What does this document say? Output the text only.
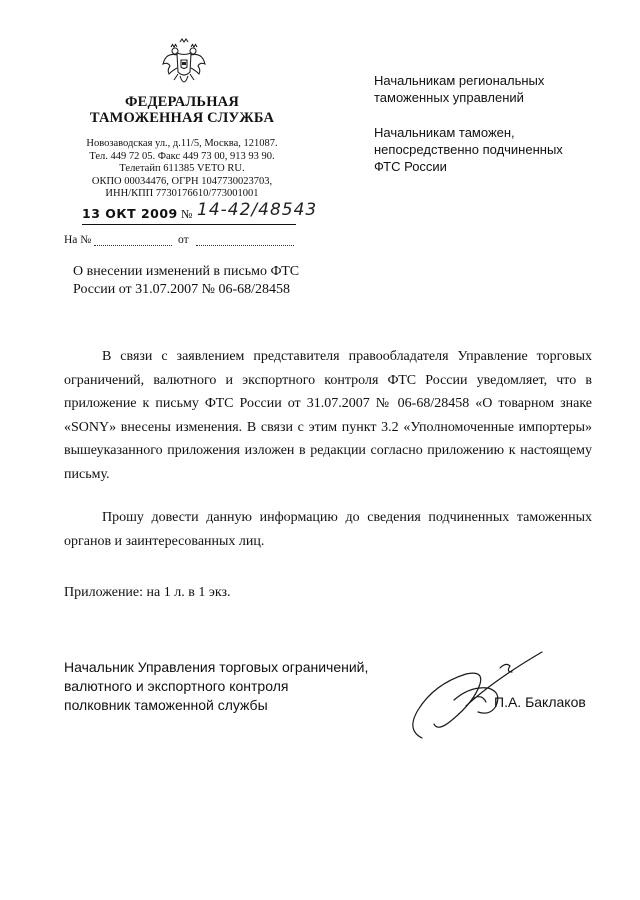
ФЕДЕРАЛЬНАЯ
ТАМОЖЕННАЯ СЛУЖБА
Новозаводская ул., д.11/5, Москва, 121087.
Тел. 449 72 05. Факс 449 73 00, 913 93 90.
Телетайп 611385 VETO RU.
ОКПО 00034476, ОГРН 1047730023703,
ИНН/КПП 7730176610/773001001
13 ОКТ 2009 № 14-42/48543
На №	от
Начальникам региональных
таможенных управлений
Начальникам таможен,
непосредственно подчиненных
ФТС России
О внесении изменений в письмо ФТС
России от 31.07.2007 № 06-68/28458
В связи с заявлением представителя правообладателя Управление торговых ограничений, валютного и экспортного контроля ФТС России уведомляет, что в приложение к письму ФТС России от 31.07.2007 № 06-68/28458 «О товарном знаке «SONY» внесены изменения. В связи с этим пункт 3.2 «Уполномоченные импортеры» вышеуказанного приложения изложен в редакции согласно приложению к настоящему письму.
Прошу довести данную информацию до сведения подчиненных таможенных органов и заинтересованных лиц.
Приложение: на 1 л. в 1 экз.
Начальник Управления торговых ограничений,
валютного и экспортного контроля
полковник таможенной службы	П.А. Баклаков
